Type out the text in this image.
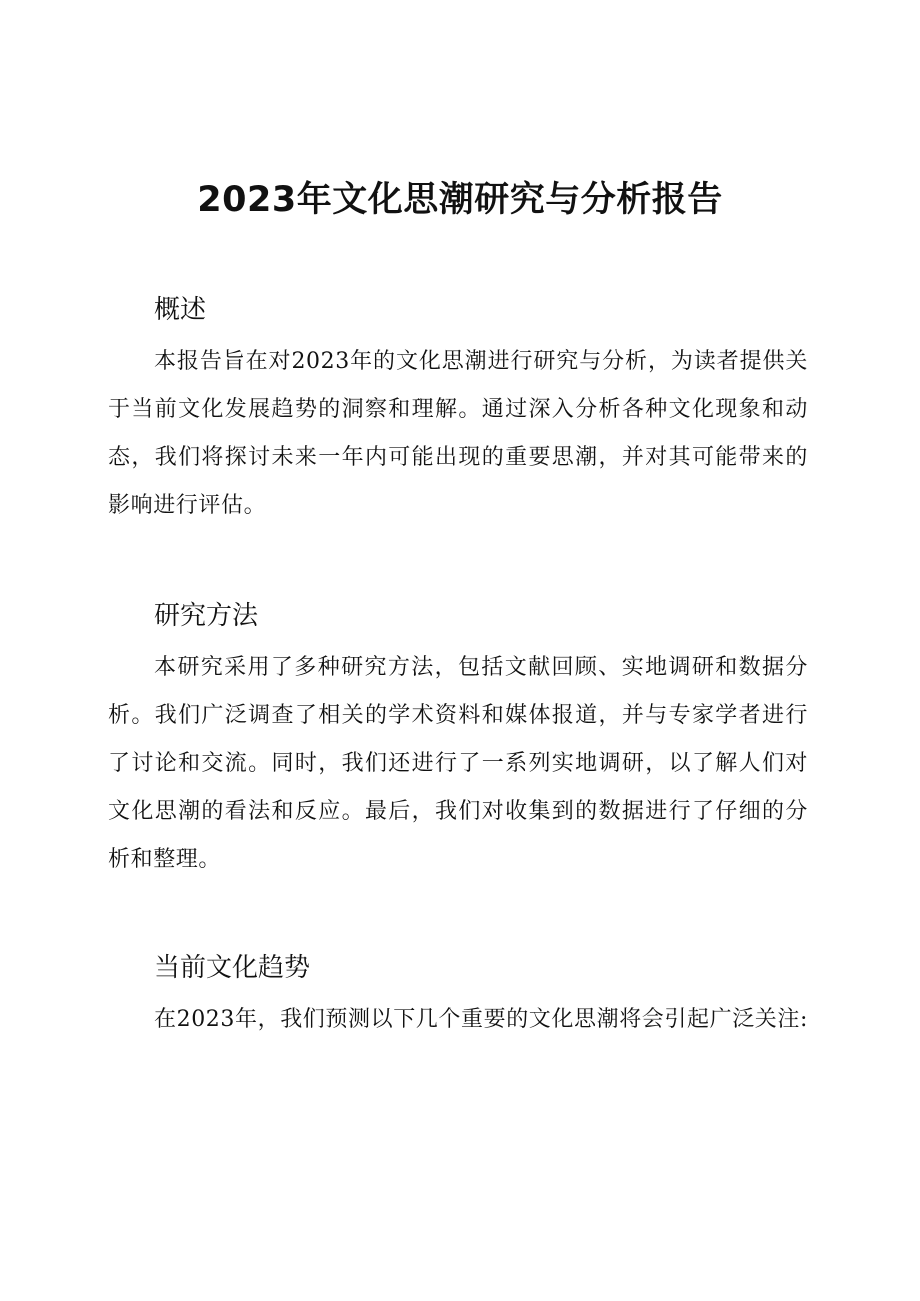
2023年文化思潮研究与分析报告
概述

本报告旨在对2023年的文化思潮进行研究与分析，为读者提供关于当前文化发展趋势的洞察和理解。通过深入分析各种文化现象和动态，我们将探讨未来一年内可能出现的重要思潮，并对其可能带来的影响进行评估。

研究方法

本研究采用了多种研究方法，包括文献回顾、实地调研和数据分析。我们广泛调查了相关的学术资料和媒体报道，并与专家学者进行了讨论和交流。同时，我们还进行了一系列实地调研，以了解人们对文化思潮的看法和反应。最后，我们对收集到的数据进行了仔细的分析和整理。

当前文化趋势

在2023年，我们预测以下几个重要的文化思潮将会引起广泛关注:
